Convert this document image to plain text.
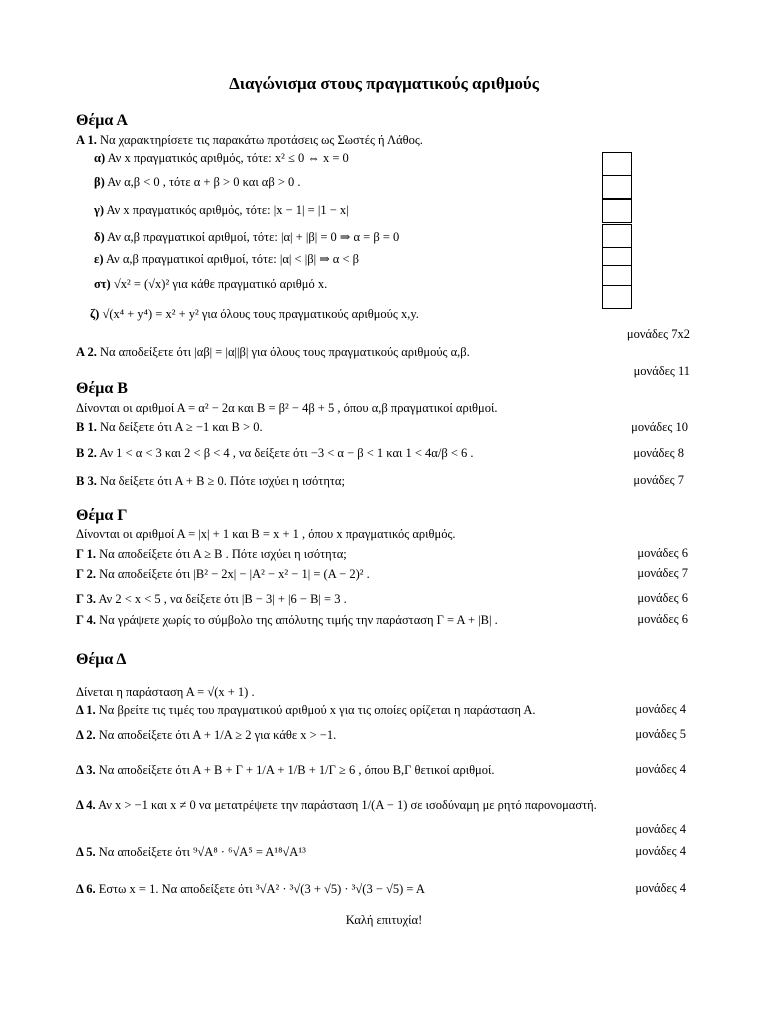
Διαγώνισμα στους πραγματικούς αριθμούς
Θέμα Α
Α 1. Να χαρακτηρίσετε τις παρακάτω προτάσεις ως Σωστές ή Λάθος.
α) Αν x πραγματικός αριθμός, τότε: x² ≤ 0 ⇔ x = 0
β) Αν α,β < 0 , τότε α + β > 0 και αβ > 0 .
γ) Αν x πραγματικός αριθμός, τότε: |x − 1| = |1 − x|
δ) Αν α,β πραγματικοί αριθμοί, τότε: |α| + |β| = 0 ⇒ α = β = 0
ε) Αν α,β πραγματικοί αριθμοί, τότε: |α| < |β| ⇒ α < β
στ) √x² = (√x)² για κάθε πραγματικό αριθμό x.
ζ) √(x⁴ + y⁴) = x² + y² για όλους τους πραγματικούς αριθμούς x,y.
μονάδες 7x2
Α 2. Να αποδείξετε ότι |αβ| = |α||β| για όλους τους πραγματικούς αριθμούς α,β.
μονάδες 11
Θέμα Β
Δίνονται οι αριθμοί Α = α² − 2α και Β = β² − 4β + 5 , όπου α,β πραγματικοί αριθμοί.
Β 1. Να δείξετε ότι Α ≥ −1 και Β > 0.	μονάδες 10
Β 2. Αν 1 < α < 3 και 2 < β < 4 , να δείξετε ότι −3 < α − β < 1 και 1 < 4α/β < 6 .	μονάδες 8
Β 3. Να δείξετε ότι Α + Β ≥ 0. Πότε ισχύει η ισότητα;	μονάδες 7
Θέμα Γ
Δίνονται οι αριθμοί Α = |x| + 1 και Β = x + 1 , όπου x πραγματικός αριθμός.
Γ 1. Να αποδείξετε ότι Α ≥ Β . Πότε ισχύει η ισότητα;	μονάδες 6
Γ 2. Να αποδείξετε ότι |Β² − 2x| − |Α² − x² − 1| = (Α − 2)² .	μονάδες 7
Γ 3. Αν 2 < x < 5 , να δείξετε ότι |Β − 3| + |6 − Β| = 3 .	μονάδες 6
Γ 4. Να γράψετε χωρίς το σύμβολο της απόλυτης τιμής την παράσταση Γ = Α + |Β| .	μονάδες 6
Θέμα Δ
Δίνεται η παράσταση Α = √(x + 1) .
Δ 1. Να βρείτε τις τιμές του πραγματικού αριθμού x για τις οποίες ορίζεται η παράσταση Α.	μονάδες 4
Δ 2. Να αποδείξετε ότι Α + 1/Α ≥ 2 για κάθε x > −1.	μονάδες 5
Δ 3. Να αποδείξετε ότι Α + Β + Γ + 1/Α + 1/Β + 1/Γ ≥ 6 , όπου Β,Γ θετικοί αριθμοί.	μονάδες 4
Δ 4. Αν x > −1 και x ≠ 0 να μετατρέψετε την παράσταση 1/(Α − 1) σε ισοδύναμη με ρητό παρονομαστή.
μονάδες 4
Δ 5. Να αποδείξετε ότι ⁹√Α⁸ · ⁶√Α⁵ = Α¹⁸√Α¹³	μονάδες 4
Δ 6. Εστω x = 1. Να αποδείξετε ότι ³√Α² · ³√(3 + √5) · ³√(3 − √5) = Α	μονάδες 4
Καλή επιτυχία!
